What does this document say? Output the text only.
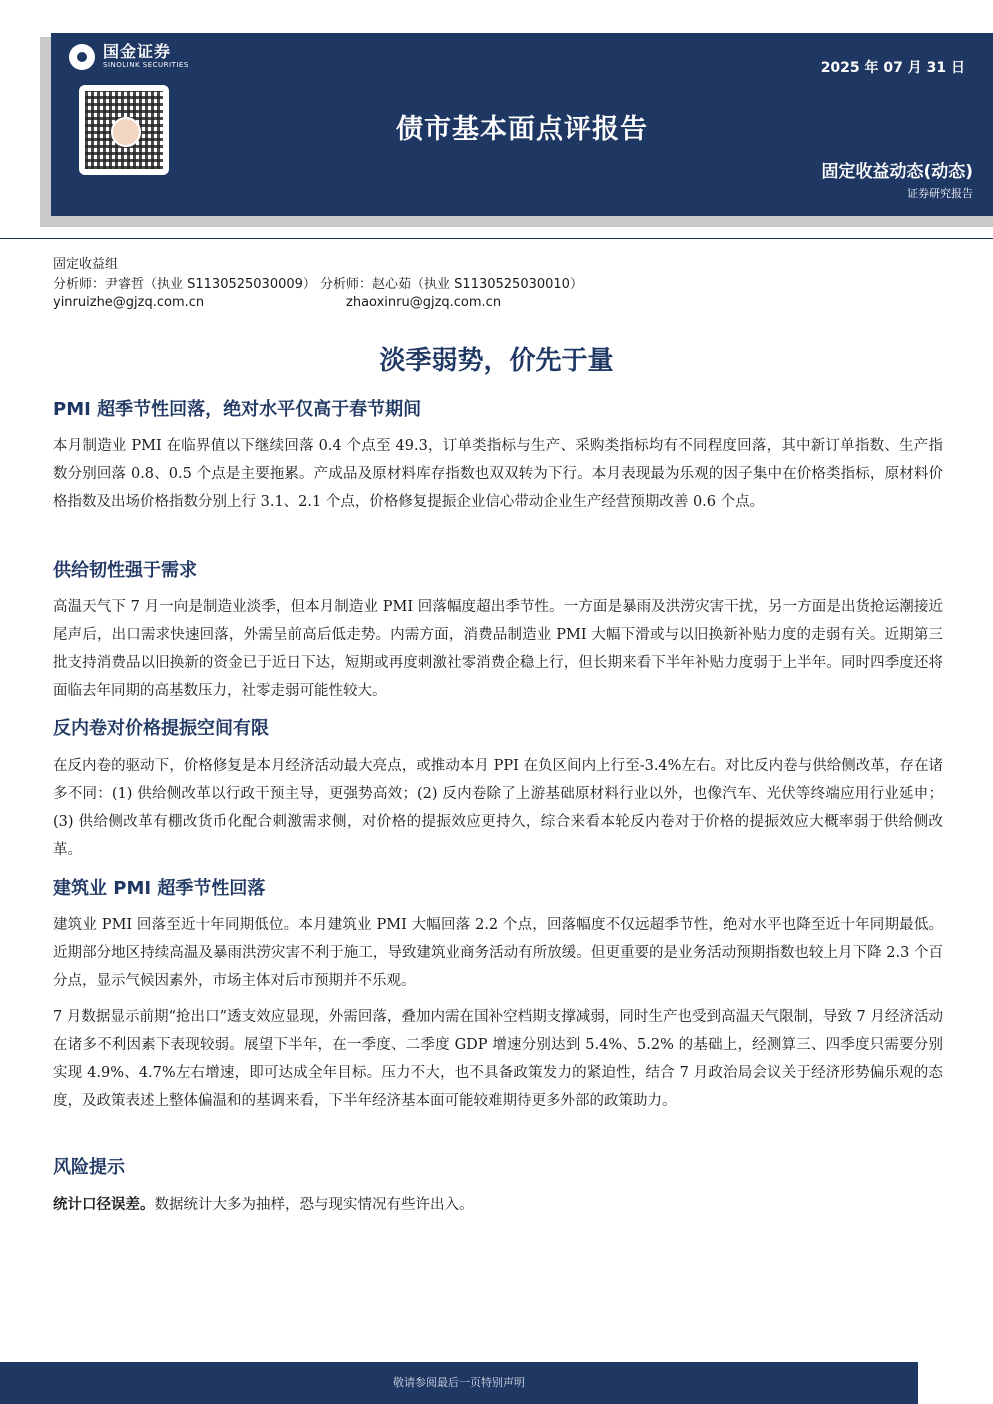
国金证券
SINOLINK SECURITIES	2025 年 07 月 31 日
债市基本面点评报告
固定收益动态(动态)
证券研究报告
固定收益组
分析师：尹睿哲（执业 S1130525030009） 分析师：赵心茹（执业 S1130525030010）
yinruizhe@gjzq.com.cn	zhaoxinru@gjzq.com.cn
淡季弱势，价先于量
PMI 超季节性回落，绝对水平仅高于春节期间
本月制造业 PMI 在临界值以下继续回落 0.4 个点至 49.3，订单类指标与生产、采购类指标均有不同程度回落，其中新订单指数、生产指数分别回落 0.8、0.5 个点是主要拖累。产成品及原材料库存指数也双双转为下行。本月表现最为乐观的因子集中在价格类指标，原材料价格指数及出场价格指数分别上行 3.1、2.1 个点，价格修复提振企业信心带动企业生产经营预期改善 0.6 个点。
供给韧性强于需求
高温天气下 7 月一向是制造业淡季，但本月制造业 PMI 回落幅度超出季节性。一方面是暴雨及洪涝灾害干扰，另一方面是出货抢运潮接近尾声后，出口需求快速回落，外需呈前高后低走势。内需方面，消费品制造业 PMI 大幅下滑或与以旧换新补贴力度的走弱有关。近期第三批支持消费品以旧换新的资金已于近日下达，短期或再度刺激社零消费企稳上行，但长期来看下半年补贴力度弱于上半年。同时四季度还将面临去年同期的高基数压力，社零走弱可能性较大。
反内卷对价格提振空间有限
在反内卷的驱动下，价格修复是本月经济活动最大亮点，或推动本月 PPI 在负区间内上行至-3.4%左右。对比反内卷与供给侧改革，存在诸多不同：(1) 供给侧改革以行政干预主导，更强势高效；(2) 反内卷除了上游基础原材料行业以外，也像汽车、光伏等终端应用行业延申；(3) 供给侧改革有棚改货币化配合刺激需求侧，对价格的提振效应更持久，综合来看本轮反内卷对于价格的提振效应大概率弱于供给侧改革。
建筑业 PMI 超季节性回落
建筑业 PMI 回落至近十年同期低位。本月建筑业 PMI 大幅回落 2.2 个点，回落幅度不仅远超季节性，绝对水平也降至近十年同期最低。近期部分地区持续高温及暴雨洪涝灾害不利于施工，导致建筑业商务活动有所放缓。但更重要的是业务活动预期指数也较上月下降 2.3 个百分点，显示气候因素外，市场主体对后市预期并不乐观。
7 月数据显示前期“抢出口”透支效应显现，外需回落，叠加内需在国补空档期支撑减弱，同时生产也受到高温天气限制，导致 7 月经济活动在诸多不利因素下表现较弱。展望下半年，在一季度、二季度 GDP 增速分别达到 5.4%、5.2% 的基础上，经测算三、四季度只需要分别实现 4.9%、4.7%左右增速，即可达成全年目标。压力不大，也不具备政策发力的紧迫性，结合 7 月政治局会议关于经济形势偏乐观的态度，及政策表述上整体偏温和的基调来看，下半年经济基本面可能较难期待更多外部的政策助力。
风险提示
统计口径误差。数据统计大多为抽样，恐与现实情况有些许出入。
敬请参阅最后一页特别声明
